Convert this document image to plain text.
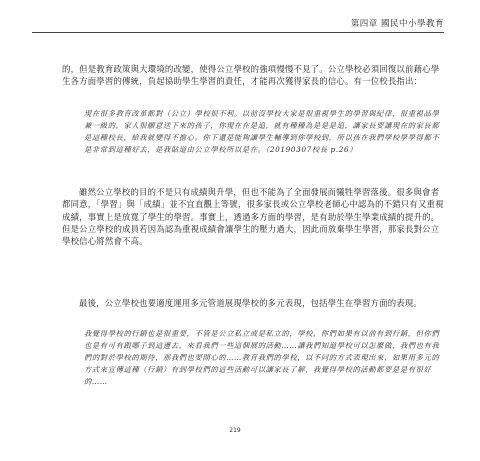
第四章 國民中小學教育
的，但是教育政策與大環境的改變，使得公立學校的強項慢慢不見了。公立學校必須回復以前藉心學生各方面學習的傳統，負起協助學生學習的責任，才能再次獲得家長的信心。有一位校長指出：
現在很多教育改革都對（公立）學校很不利。以前沒學校大家是很重視學生的學習與紀律，很重視品學兼一級的，家人很願意送下來的孩子，你現在在是追，就有種種為是是是追，讓家長要讓現在的家長都是這種校長，給我就變得不擔心。你下還是能夠讓學生輔導到你學校到，所以孩在我們學校學學得都不是非常到這種好去，是我貼道由公立學校所以是在。（20190307校長 p.26）
雖然公立學校的目的不是只有成績與升學，但也不能為了全面發展而犧牲學習落後。很多與會者都同意，「學習」與「成績」並不宜直觀上等號，很多家長或公立學校老師心中認為的不錯只有又重視成績，事實上是放寬了學生的學習。事實上，透過多方面的學習，是有助於學生學業成績的提升的。但是公立學校的成員若因為認為重視成績會讓學生的壓力過大，因此而放棄學生學習，那家長對公立學校信心將然會不高。
最後，公立學校也要適度運用多元管道展現學校的多元表現，包括學生在學習方面的表現。
我覺得學校的行銷也是很重要，不管是公立私立或是私立的，學校，你們如果有以前有到行銷，但你們也是有可有跟哪子到這邊去，來看我們一些這個展的活動……讓我們知道學校可以怎麼做，我們也有我們的對於學校的期待，那我們也要開心的……教育我們的學校，以不同的方式表現出來，如果用多元的方式來宣傳這種（行銷）有到學校們的這些活動可以讓家長了解，我覺得學校的活動都要是是有很好的……
219
